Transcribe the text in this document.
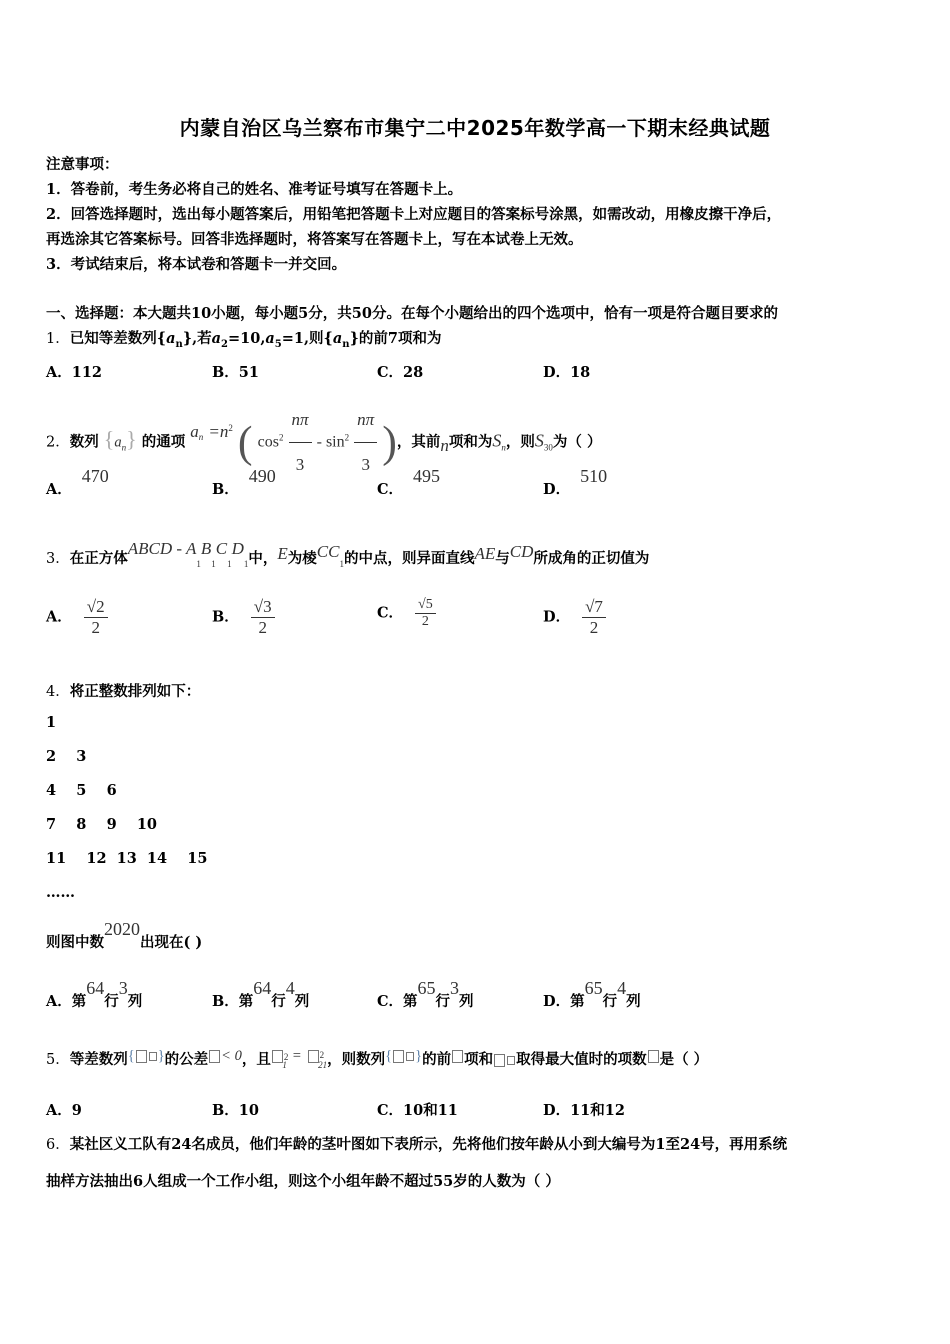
内蒙自治区乌兰察布市集宁二中2025年数学高一下期末经典试题
注意事项：
1．答卷前，考生务必将自己的姓名、准考证号填写在答题卡上。
2．回答选择题时，选出每小题答案后，用铅笔把答题卡上对应题目的答案标号涂黑，如需改动，用橡皮擦干净后，
再选涂其它答案标号。回答非选择题时，将答案写在答题卡上，写在本试卷上无效。
3．考试结束后，将本试卷和答题卡一并交回。
一、选择题：本大题共10小题，每小题5分，共50分。在每个小题给出的四个选项中，恰有一项是符合题目要求的
1．已知等差数列$\{a_n\}$,若$a_2=10,a_5=1$,则$\{a_n\}$的前7项和为
A．112	B．51	C．28	D．18
2．数列 $\{a_n\}$ 的通项 $a_n =n^2$ ( $\cos^2 \frac{n\pi}{3} - \sin^2 \frac{n\pi}{3}$ )，其前n项和为$S_n$，则$S_{30}$为（ ）
A．470
B．490
C．495
D．510
3．在正方体ABCD - $A_1B_1C_1D_1$中，E为棱$CC_1$的中点，则异面直线AE与CD所成角的正切值为
A． $\frac{√2}{2}$	B． $\frac{√3}{2}$	C． $\frac{√5}{2}$	D． $\frac{√7}{2}$
4．将正整数排列如下：
1
2    3
4    5    6
7    8    9    10
11    12  13  14    15
……
则图中数2020出现在( )
A．第64行3列	B．第64行4列	C．第65行3列	D．第65行4列
5．等差数列{ }的公差 < 0，且 $_{21}$= $^2_{21}$，则数列{ }的前 项和 取得最大值时的项数 是（ ）
A．9	B．10	C．10和11	D．11和12
6．某社区义工队有24名成员，他们年龄的茎叶图如下表所示，先将他们按年龄从小到大编号为1至24号，再用系统
抽样方法抽出6人组成一个工作小组，则这个小组年龄不超过55岁的人数为（ ）
